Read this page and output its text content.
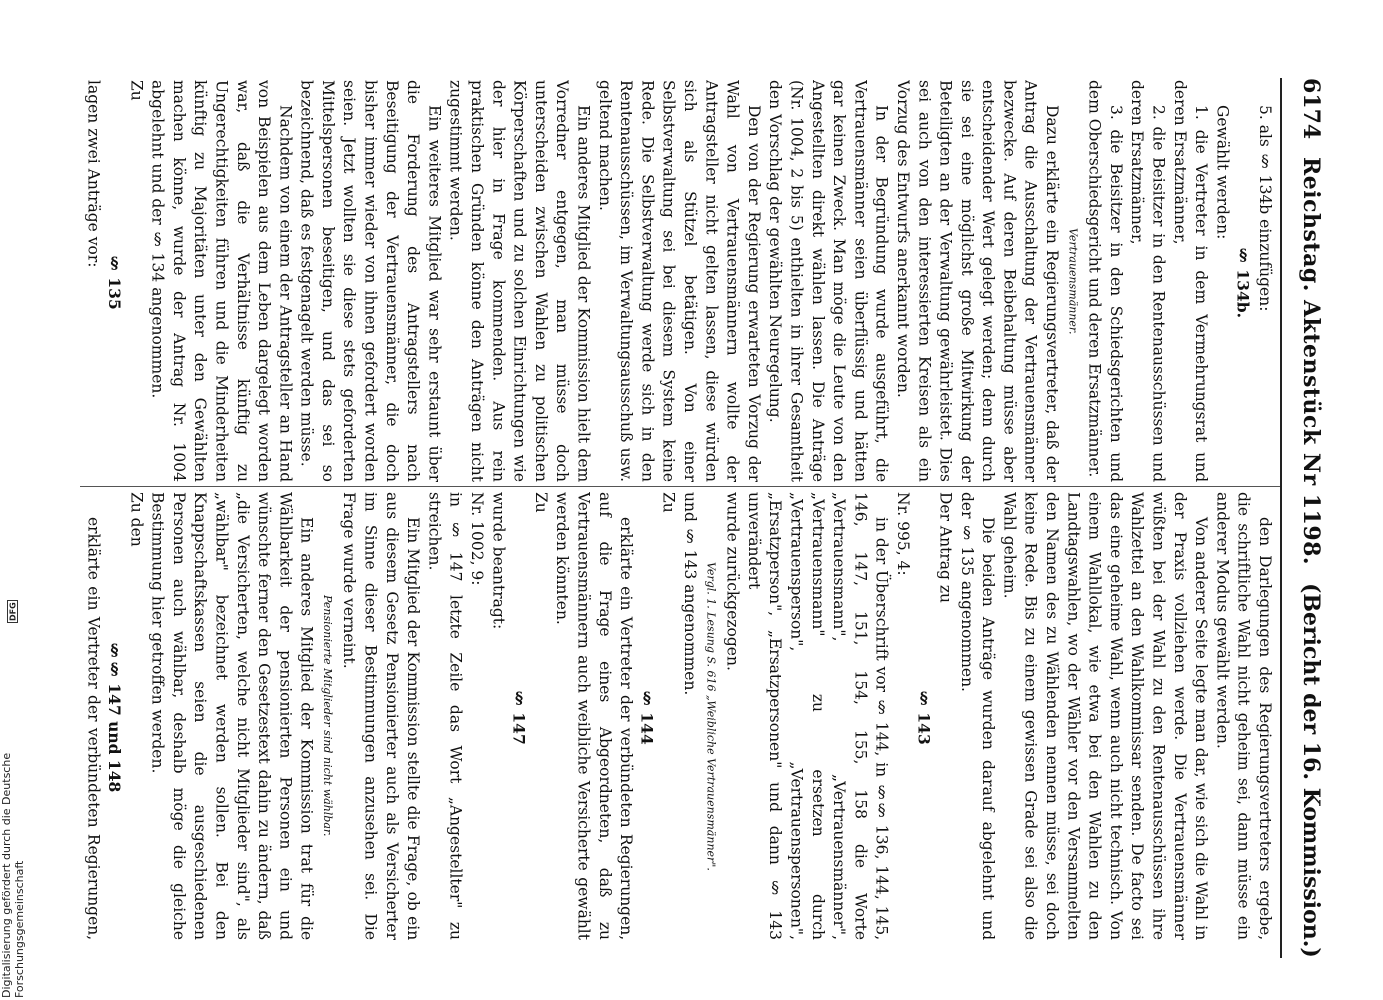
6174
Reichstag. Aktenstück Nr 1198.
(Bericht der 16. Kommission.)

5. als § 134b einzufügen:

§ 134b.

Gewählt werden:

1. die Vertreter in dem Vermehrungsrat und deren Ersatzmänner,

2. die Beisitzer in den Rentenausschüssen und deren Ersatzmänner,

3. die Beisitzer in den Schiedsgerichten und dem Oberschiedsgericht und deren Ersatzmänner.

Vertrauensmänner.

Dazu erklärte ein Regierungsvertreter, daß der Antrag die Ausschaltung der Vertrauensmänner bezwecke. Auf deren Beibehaltung müsse aber entscheidender Wert gelegt werden; denn durch sie sei eine möglichst große Mitwirkung der Beteiligten an der Verwaltung gewährleistet. Dies sei auch von den interessierten Kreisen als ein Vorzug des Entwurfs anerkannt worden.

In der Begründung wurde ausgeführt, die Vertrauensmänner seien überflüssig und hätten gar keinen Zweck. Man möge die Leute von den Angestellten direkt wählen lassen. Die Anträge (Nr. 1004, 2 bis 5) enthielten in ihrer Gesamtheit den Vorschlag der gewählten Neuregelung.

Den von der Regierung erwarteten Vorzug der Wahl von Vertrauensmännern wollte der Antragsteller nicht gelten lassen, diese würden sich als Stützel betätigen. Von einer Selbstverwaltung sei bei diesem System keine Rede. Die Selbstverwaltung werde sich in den Rentenausschüssen, im Verwaltungsausschuß usw. geltend machen.

Ein anderes Mitglied der Kommission hielt dem Vorredner entgegen, man müsse doch unterscheiden zwischen Wahlen zu politischen Körperschaften und zu solchen Einrichtungen wie der hier in Frage kommenden. Aus rein praktischen Gründen könne den Anträgen nicht zugestimmt werden.

Ein weiteres Mitglied war sehr erstaunt über die Forderung des Antragstellers nach Beseitigung der Vertrauensmänner, die doch bisher immer wieder von ihnen gefordert worden seien. Jetzt wollten sie diese stets geforderten Mittelspersonen beseitigen, und das sei so bezeichnend, daß es festgenagelt werden müsse.

Nachdem von einem der Antragsteller an Hand von Beispielen aus dem Leben dargelegt worden war, daß die Verhältnisse künftig zu Ungerechtigkeiten führen und die Minderheiten künftig zu Majoritäten unter den Gewählten machen könne, wurde der Antrag Nr. 1004 abgelehnt und der § 134 angenommen.

Zu

§ 135

lagen zwei Anträge vor:

den Darlegungen des Regierungsvertreters ergebe, die schriftliche Wahl nicht geheim sei, dann müsse ein anderer Modus gewählt werden.

Von anderer Seite legte man dar, wie sich die Wahl in der Praxis vollziehen werde. Die Vertrauensmänner wüßten bei der Wahl zu den Rentenausschüssen ihre Wahlzettel an den Wahlkommissar senden. De facto sei das eine geheime Wahl, wenn auch nicht technisch. Von einem Wahllokal, wie etwa bei den Wahlen zu den Landtagswahlen, wo der Wähler vor den Versammelten den Namen des zu Wählenden nennen müsse, sei doch keine Rede. Bis zu einem gewissen Grade sei also die Wahl geheim.

Die beiden Anträge wurden darauf abgelehnt und der § 135 angenommen.

Der Antrag zu

§ 143

Nr. 995, 4:

in der Überschrift vor § 144, in §§ 136, 144, 145, 146, 147, 151, 154, 155, 158 die Worte „Vertrauensmann", „Vertrauensmänner", „Vertrauensmann" zu ersetzen durch „Vertrauensperson", „Vertrauenspersonen", „Ersatzperson", „Ersatzpersonen" und dann § 143 unverändert

wurde zurückgezogen.

Vergl. 1. Lesung S. 616 „Weibliche Vertrauensmänner".

und § 143 angenommen.

Zu

§ 144

erklärte ein Vertreter der verbündeten Regierungen, auf die Frage eines Abgeordneten, daß zu Vertrauensmännern auch weibliche Versicherte gewählt werden könnten.

Zu

§ 147

wurde beantragt:

Nr. 1002, 9:

in § 147 letzte Zeile das Wort „Angestellter" zu streichen.

Ein Mitglied der Kommission stellte die Frage, ob ein aus diesem Gesetz Pensionierter auch als Versicherter im Sinne dieser Bestimmungen anzusehen sei. Die Frage wurde verneint.

Pensionierte Mitglieder sind nicht wählbar.

Ein anderes Mitglied der Kommission trat für die Wählbarkeit der pensionierten Personen ein und wünschte ferner den Gesetzestext dahin zu ändern, daß „die Versicherten, welche nicht Mitglieder sind", als „wählbar" bezeichnet werden sollen. Bei den Knappschaftskassen seien die ausgeschiedenen Personen auch wählbar, deshalb möge die gleiche Bestimmung hier getroffen werden.

Zu den

§§ 147 und 148

erklärte ein Vertreter der verbündeten Regierungen,

Digitalisierung gefördert durch die Deutsche Forschungsgemeinschaft
DFG
